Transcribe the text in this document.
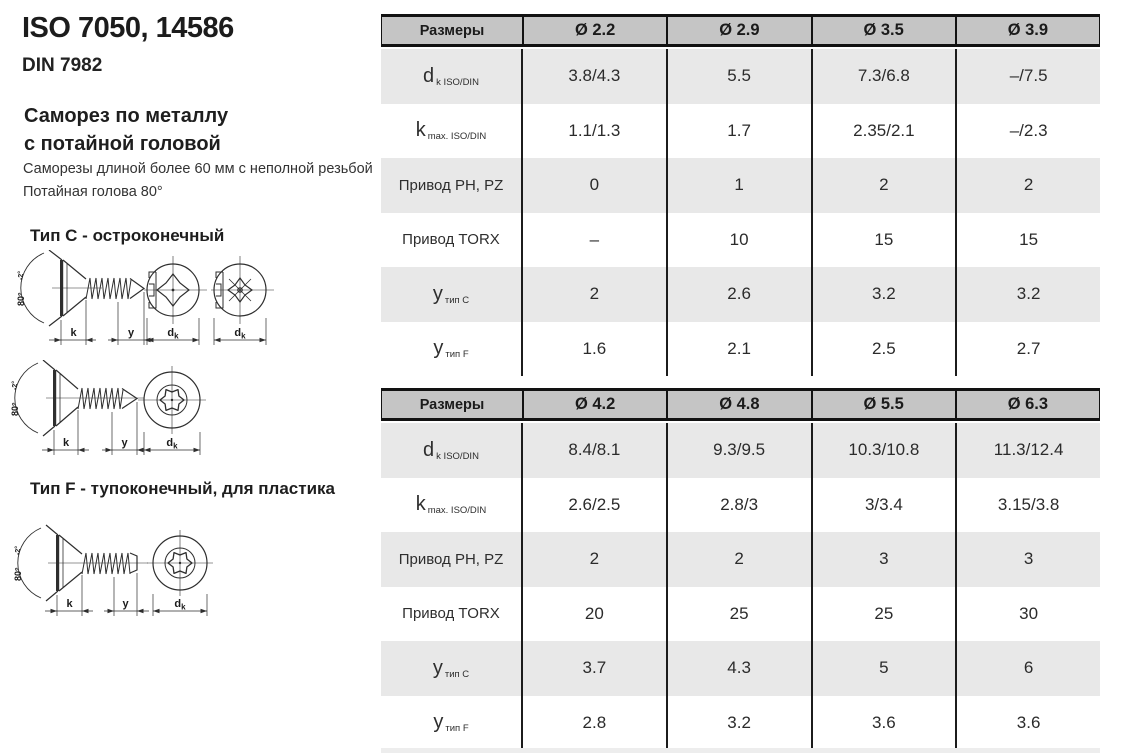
ISO 7050, 14586
DIN 7982
Саморез по металлу
с потайной головой
Саморезы длиной более 60 мм с неполной резьбой
Потайная голова 80°
Тип C - остроконечный
Тип F - тупоконечный, для пластика
80°
-2°
k	y	$d_k$	$d_k$
80°
-2°
k	y	$d_k$
80°
-2°
k	y	$d_k$
Размеры	Ø 2.2	Ø 2.9	Ø 3.5	Ø 3.9
d k ISO/DIN	3.8/4.3	5.5	7.3/6.8	–/7.5
k max. ISO/DIN	1.1/1.3	1.7	2.35/2.1	–/2.3
Привод PH, PZ	0	1	2	2
Привод TORX	–	10	15	15
y тип C	2	2.6	3.2	3.2
y тип F	1.6	2.1	2.5	2.7
Размеры	Ø 4.2	Ø 4.8	Ø 5.5	Ø 6.3
d k ISO/DIN	8.4/8.1	9.3/9.5	10.3/10.8	11.3/12.4
k max. ISO/DIN	2.6/2.5	2.8/3	3/3.4	3.15/3.8
Привод PH, PZ	2	2	3	3
Привод TORX	20	25	25	30
y тип C	3.7	4.3	5	6
y тип F	2.8	3.2	3.6	3.6
